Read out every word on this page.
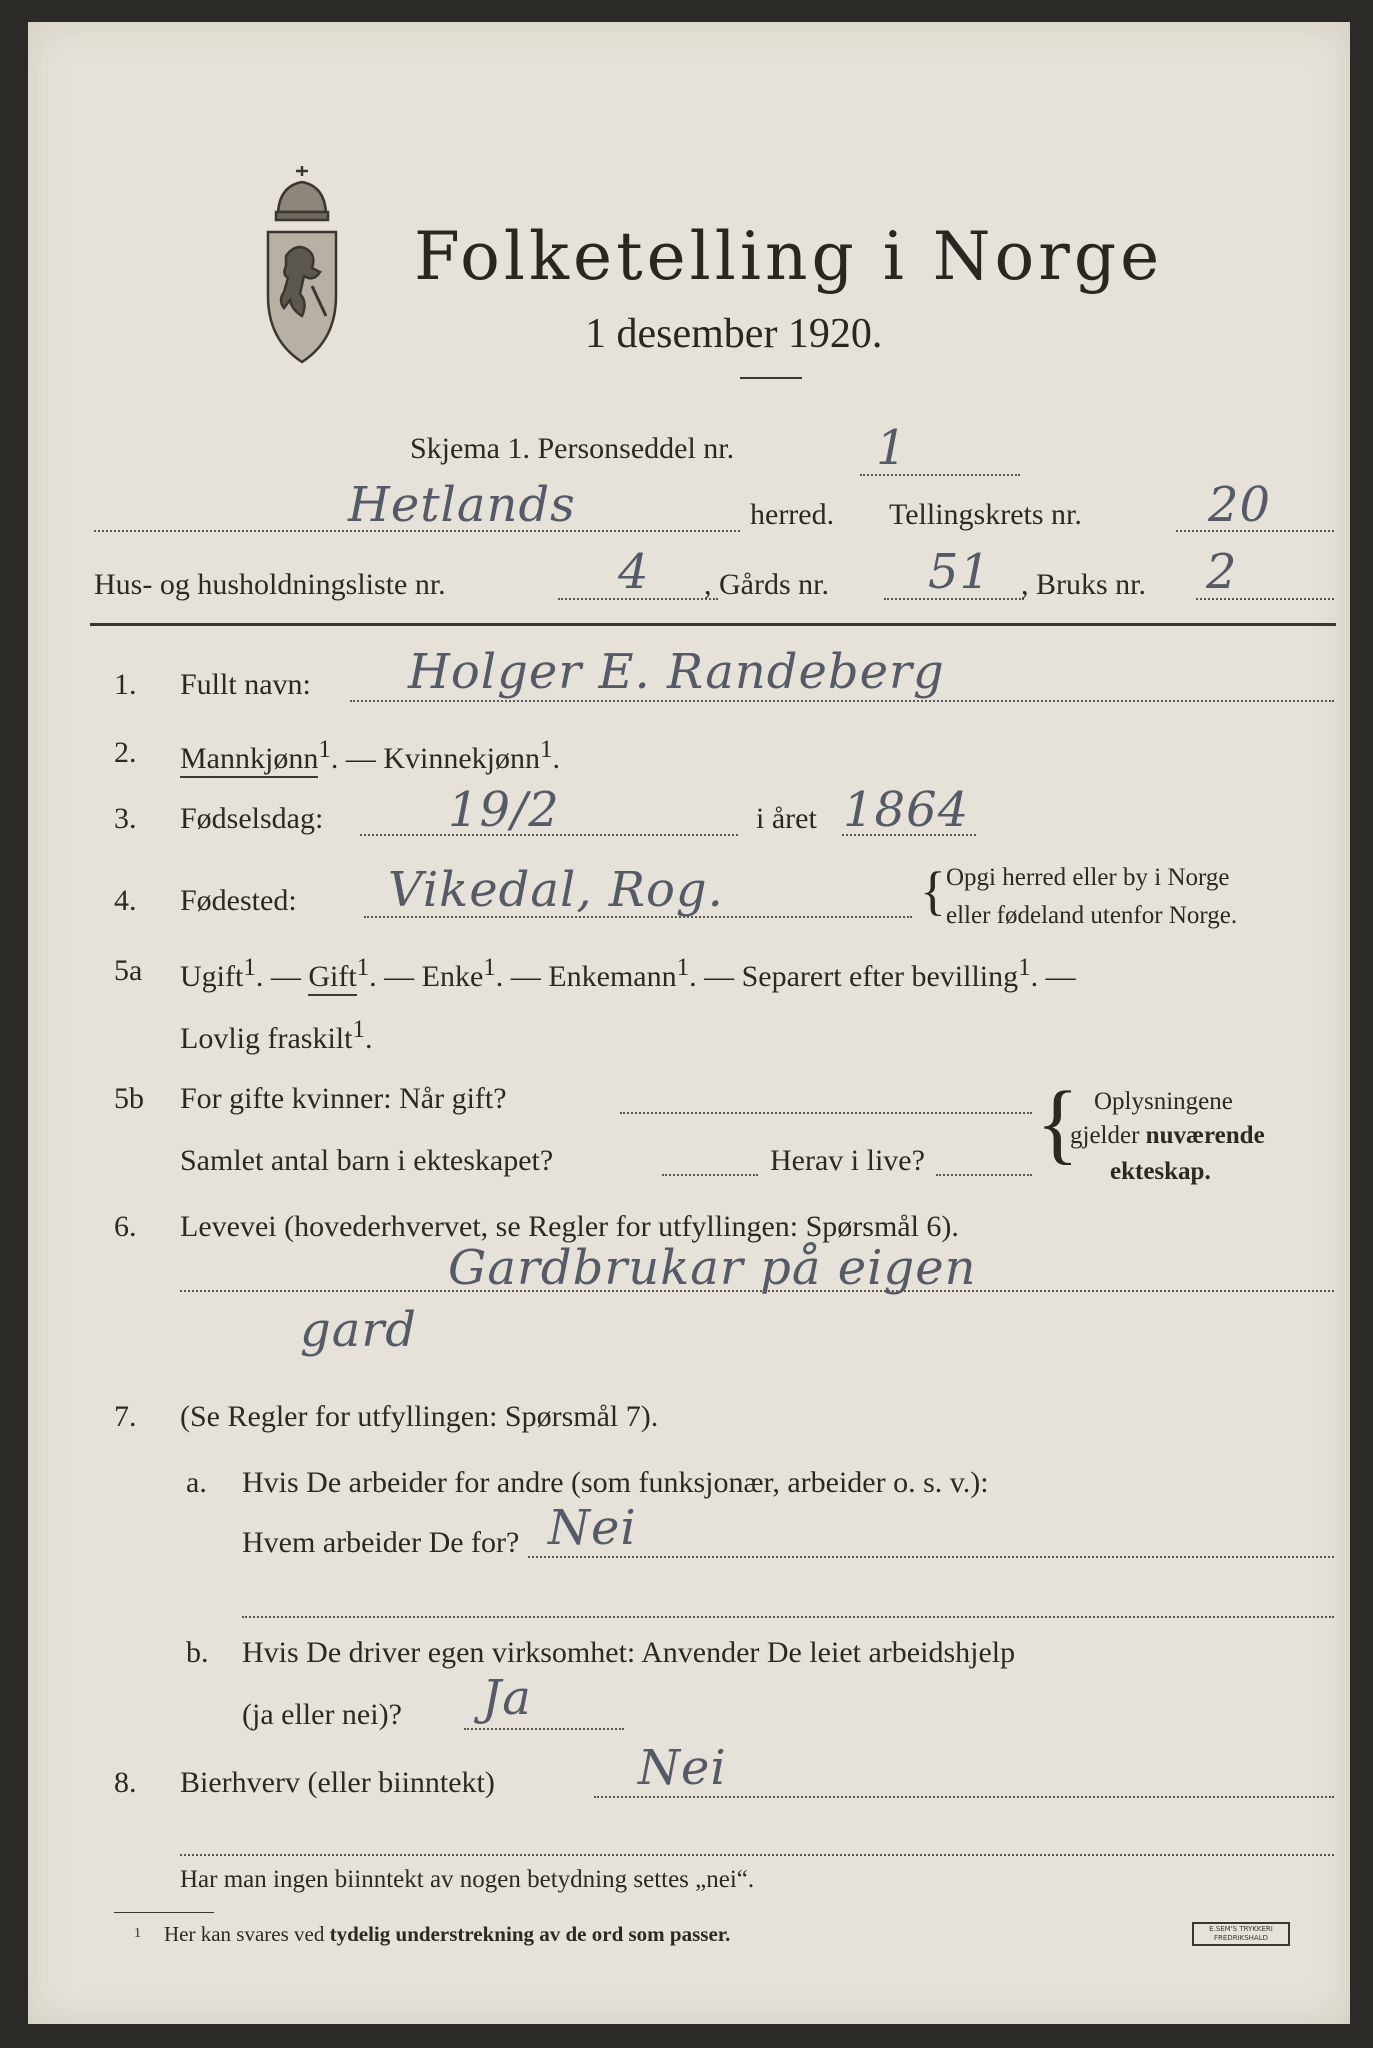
Folketelling i Norge
1 desember 1920.
Skjema 1. Personseddel nr.	1
Hetlands	herred. Tellingskrets nr.	20
Hus- og husholdningsliste nr.	4 , Gårds nr. 51 , Bruks nr. 2
1. Fullt navn: Holger E. Randeberg
2. Mannkjønn$^1$. — Kvinnekjønn$^1$.
3. Fødselsdag:	19/2	i året 1864
4. Fødested: Vikedal, Rog.	{ Opgi herred eller by i Norge
eller fødeland utenfor Norge.
5a Ugift$^1$. — Gift$^1$. — Enke$^1$. — Enkemann$^1$. — Separert efter bevilling$^1$. —
Lovlig fraskilt$^1$.
5b For gifte kvinner: Når gift?
Samlet antal barn i ekteskapet?	Herav i live? { Oplysningene
gjelder nuværende
ekteskap.
6. Levevei (hovederhvervet, se Regler for utfyllingen: Spørsmål 6).
Gardbrukar på eigen
gard
7. (Se Regler for utfyllingen: Spørsmål 7).
a. Hvis De arbeider for andre (som funksjonær, arbeider o. s. v.):
Hvem arbeider De for? Nei
b. Hvis De driver egen virksomhet: Anvender De leiet arbeidshjelp
(ja eller nei)? Ja
8. Bierhverv (eller biinntekt)	Nei
Har man ingen biinntekt av nogen betydning settes „nei“.
1 Her kan svares ved tydelig understrekning av de ord som passer.	E.SEM'S TRYKKERI
FREDRIKSHALD
